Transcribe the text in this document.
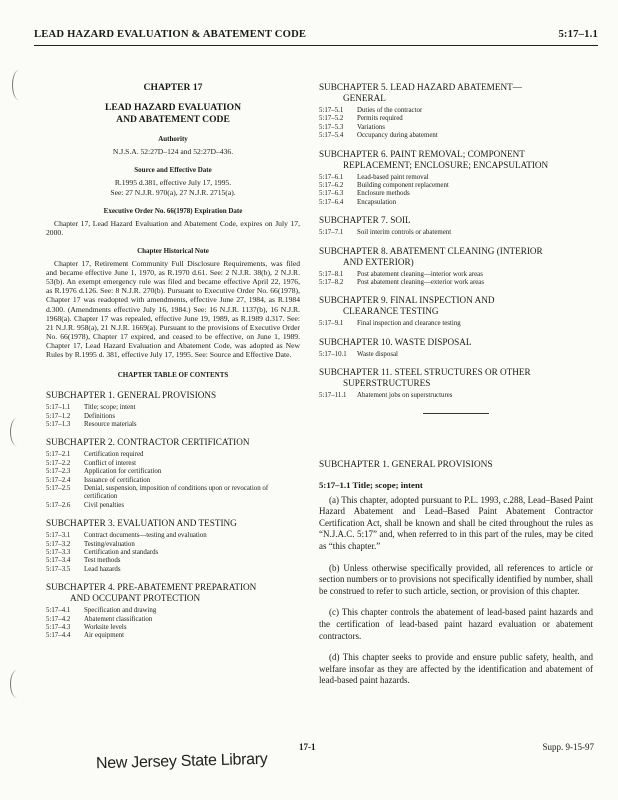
LEAD HAZARD EVALUATION & ABATEMENT CODE	5:17–1.1
CHAPTER 17
LEAD HAZARD EVALUATION
AND ABATEMENT CODE
Authority
N.J.S.A. 52:27D–124 and 52:27D–436.
Source and Effective Date
R.1995 d.381, effective July 17, 1995.
See: 27 N.J.R. 970(a), 27 N.J.R. 2715(a).
Executive Order No. 66(1978) Expiration Date
Chapter 17, Lead Hazard Evaluation and Abatement Code, expires on July 17, 2000.
Chapter Historical Note
Chapter 17, Retirement Community Full Disclosure Requirements, was filed and became effective June 1, 1970, as R.1970 d.61. See: 2 N.J.R. 38(b), 2 N.J.R. 53(b). An exempt emergency rule was filed and became effective April 22, 1976, as R.1976 d.126. See: 8 N.J.R. 270(b). Pursuant to Executive Order No. 66(1978), Chapter 17 was readopted with amendments, effective June 27, 1984, as R.1984 d.300. (Amendments effective July 16, 1984.) See: 16 N.J.R. 1137(b), 16 N.J.R. 1968(a). Chapter 17 was repealed, effective June 19, 1989, as R.1989 d.317. See: 21 N.J.R. 958(a), 21 N.J.R. 1669(a). Pursuant to the provisions of Executive Order No. 66(1978), Chapter 17 expired, and ceased to be effective, on June 1, 1989. Chapter 17, Lead Hazard Evaluation and Abatement Code, was adopted as New Rules by R.1995 d. 381, effective July 17, 1995. See: Source and Effective Date.
CHAPTER TABLE OF CONTENTS
SUBCHAPTER 1. GENERAL PROVISIONS
5:17–1.1 Title; scope; intent
5:17–1.2 Definitions
5:17–1.3 Resource materials
SUBCHAPTER 2. CONTRACTOR CERTIFICATION
5:17–2.1 Certification required
5:17–2.2 Conflict of interest
5:17–2.3 Application for certification
5:17–2.4 Issuance of certification
5:17–2.5 Denial, suspension, imposition of conditions upon or revocation of certification
5:17–2.6 Civil penalties
SUBCHAPTER 3. EVALUATION AND TESTING
5:17–3.1 Contract documents—testing and evaluation
5:17–3.2 Testing/evaluation
5:17–3.3 Certification and standards
5:17–3.4 Test methods
5:17–3.5 Lead hazards
SUBCHAPTER 4. PRE-ABATEMENT PREPARATION
AND OCCUPANT PROTECTION
5:17–4.1 Specification and drawing
5:17–4.2 Abatement classification
5:17–4.3 Worksite levels
5:17–4.4 Air equipment
SUBCHAPTER 5. LEAD HAZARD ABATEMENT—
GENERAL
5:17–5.1 Duties of the contractor
5:17–5.2 Permits required
5:17–5.3 Variations
5:17–5.4 Occupancy during abatement
SUBCHAPTER 6. PAINT REMOVAL; COMPONENT
REPLACEMENT; ENCLOSURE; ENCAPSULATION
5:17–6.1 Lead-based paint removal
5:17–6.2 Building component replacement
5:17–6.3 Enclosure methods
5:17–6.4 Encapsulation
SUBCHAPTER 7. SOIL
5:17–7.1 Soil interim controls or abatement
SUBCHAPTER 8. ABATEMENT CLEANING (INTERIOR
AND EXTERIOR)
5:17–8.1 Post abatement cleaning—interior work areas
5:17–8.2 Post abatement cleaning—exterior work areas
SUBCHAPTER 9. FINAL INSPECTION AND
CLEARANCE TESTING
5:17–9.1 Final inspection and clearance testing
SUBCHAPTER 10. WASTE DISPOSAL
5:17–10.1 Waste disposal
SUBCHAPTER 11. STEEL STRUCTURES OR OTHER
SUPERSTRUCTURES
5:17–11.1 Abatement jobs on superstructures
SUBCHAPTER 1. GENERAL PROVISIONS
5:17–1.1 Title; scope; intent
(a) This chapter, adopted pursuant to P.L. 1993, c.288, Lead–Based Paint Hazard Abatement and Lead–Based Paint Abatement Contractor Certification Act, shall be known and shall be cited throughout the rules as “N.J.A.C. 5:17” and, when referred to in this part of the rules, may be cited as “this chapter.”
(b) Unless otherwise specifically provided, all references to article or section numbers or to provisions not specifically identified by number, shall be construed to refer to such article, section, or provision of this chapter.
(c) This chapter controls the abatement of lead-based paint hazards and the certification of lead-based paint hazard evaluation or abatement contractors.
(d) This chapter seeks to provide and ensure public safety, health, and welfare insofar as they are affected by the identification and abatement of lead-based paint hazards.
17-1	Supp. 9-15-97
New Jersey State Library
